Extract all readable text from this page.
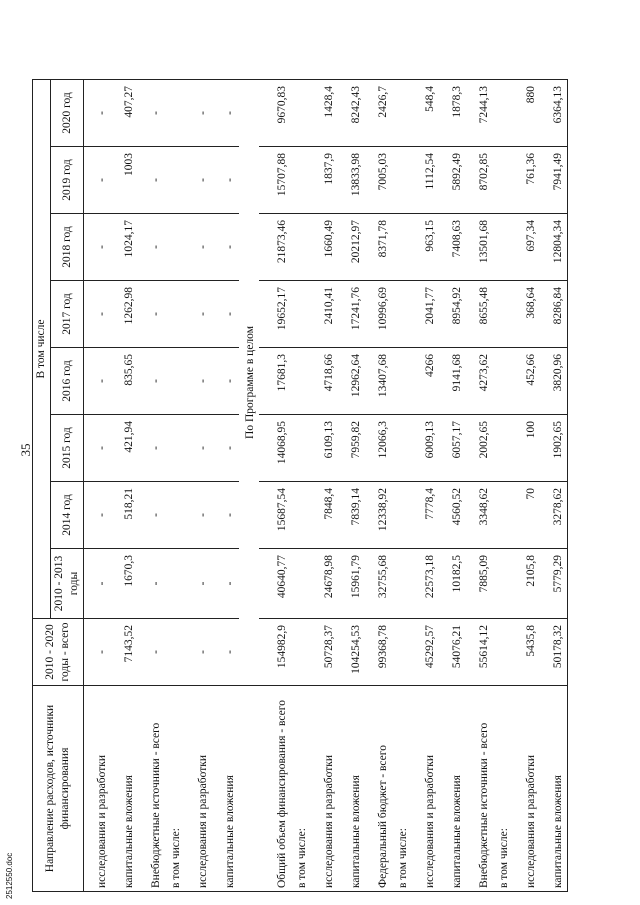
35
Направление расходов, источники финансирования	2010 - 2020 годы - всего	В том числе							
		2010 - 2013 годы	2014 год	2015 год	2016 год	2017 год	2018 год	2019 год	2020 год
исследования и разработки	-	-	-	-	-	-	-	-	-
капитальные вложения	7143,52	1670,3	518,21	421,94	835,65	1262,98	1024,17	1003	407,27
Внебюджетные источники - всего	-	-	-	-	-	-	-	-	-
в том числе:									
исследования и разработки	-	-	-	-	-	-	-	-	-
капитальные вложения	-	-	-	-	-	-	-	-	-
	По Программе в целом								
Общий объем финансирования - всего	154982,9	40640,77	15687,54	14068,95	17681,3	19652,17	21873,46	15707,88	9670,83
в том числе:									
исследования и разработки	50728,37	24678,98	7848,4	6109,13	4718,66	2410,41	1660,49	1837,9	1428,4
капитальные вложения	104254,53	15961,79	7839,14	7959,82	12962,64	17241,76	20212,97	13833,98	8242,43
Федеральный бюджет - всего	99368,78	32755,68	12338,92	12066,3	13407,68	10996,69	8371,78	7005,03	2426,7
в том числе:									
исследования и разработки	45292,57	22573,18	7778,4	6009,13	4266	2041,77	963,15	1112,54	548,4
капитальные вложения	54076,21	10182,5	4560,52	6057,17	9141,68	8954,92	7408,63	5892,49	1878,3
Внебюджетные источники - всего	55614,12	7885,09	3348,62	2002,65	4273,62	8655,48	13501,68	8702,85	7244,13
в том числе:									
исследования и разработки	5435,8	2105,8	70	100	452,66	368,64	697,34	761,36	880
капитальные вложения	50178,32	5779,29	3278,62	1902,65	3820,96	8286,84	12804,34	7941,49	6364,13
2512550.doc
